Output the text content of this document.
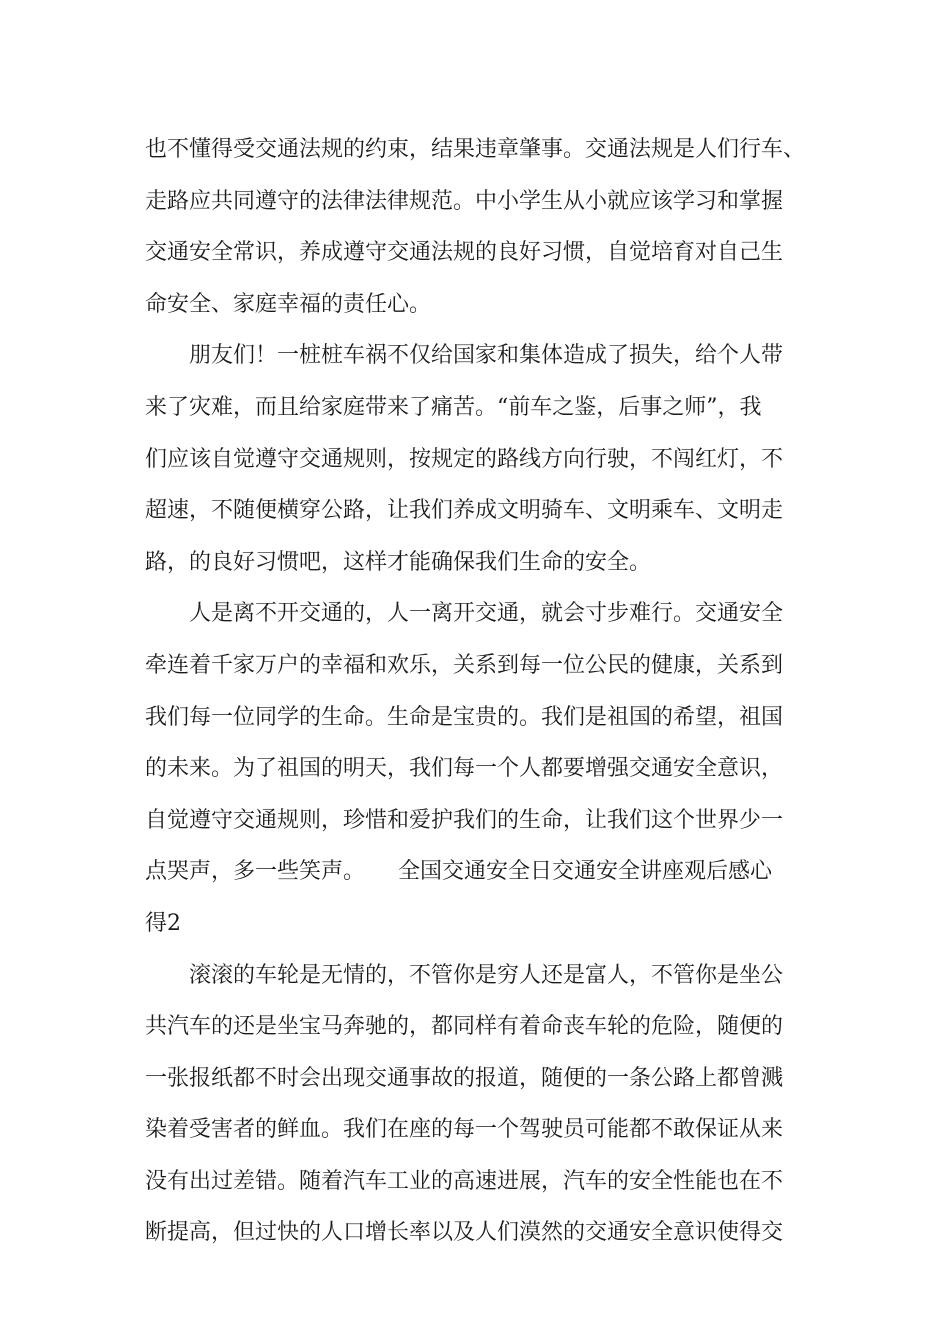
也不懂得受交通法规的约束，结果违章肇事。交通法规是人们行车、
走路应共同遵守的法律法律规范。中小学生从小就应该学习和掌握
交通安全常识，养成遵守交通法规的良好习惯，自觉培育对自己生
命安全、家庭幸福的责任心。
朋友们！一桩桩车祸不仅给国家和集体造成了损失，给个人带
来了灾难，而且给家庭带来了痛苦。“前车之鉴，后事之师”，我
们应该自觉遵守交通规则，按规定的路线方向行驶，不闯红灯，不
超速，不随便横穿公路，让我们养成文明骑车、文明乘车、文明走
路，的良好习惯吧，这样才能确保我们生命的安全。
人是离不开交通的，人一离开交通，就会寸步难行。交通安全
牵连着千家万户的幸福和欢乐，关系到每一位公民的健康，关系到
我们每一位同学的生命。生命是宝贵的。我们是祖国的希望，祖国
的未来。为了祖国的明天，我们每一个人都要增强交通安全意识，
自觉遵守交通规则，珍惜和爱护我们的生命，让我们这个世界少一
点哭声，多一些笑声。　　全国交通安全日交通安全讲座观后感心
得2
滚滚的车轮是无情的，不管你是穷人还是富人，不管你是坐公
共汽车的还是坐宝马奔驰的，都同样有着命丧车轮的危险，随便的
一张报纸都不时会出现交通事故的报道，随便的一条公路上都曾溅
染着受害者的鲜血。我们在座的每一个驾驶员可能都不敢保证从来
没有出过差错。随着汽车工业的高速进展，汽车的安全性能也在不
断提高，但过快的人口增长率以及人们漠然的交通安全意识使得交
